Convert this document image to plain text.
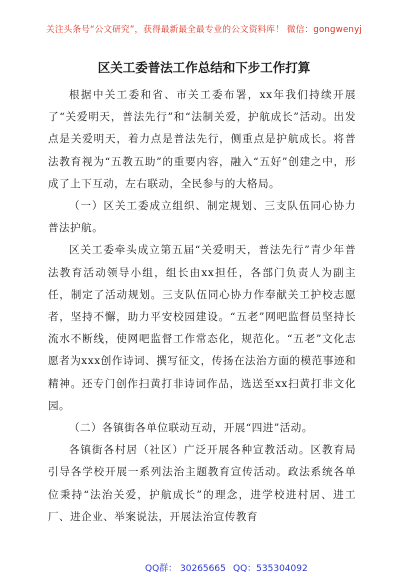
关注头条号“公文研究”，获得最新最全最专业的公文资料库！ 微信：gongwenyj
区关工委普法工作总结和下步工作打算

根据中关工委和省、市关工委布署，xx年我们持续开展了“关爱明天，普法先行”和“法制关爱，护航成长”活动。出发点是关爱明天，着力点是普法先行，侧重点是护航成长。将普法教育视为“五教五助”的重要内容，融入“五好”创建之中，形成了上下互动，左右联动，全民参与的大格局。

（一）区关工委成立组织、制定规划、三支队伍同心协力普法护航。

区关工委牵头成立第五届“关爱明天，普法先行”青少年普法教育活动领导小组，组长由xx担任，各部门负责人为副主任，制定了活动规划。三支队伍同心协力作奉献关工护校志愿者，坚持不懈，助力平安校园建设。“五老”网吧监督员坚持长流水不断线，使网吧监督工作常态化，规范化。“五老”文化志愿者为xxx创作诗词、撰写征文，传扬在法治方面的模范事迹和精神。还专门创作扫黄打非诗词作品，选送至xx扫黄打非文化园。

（二）各镇街各单位联动互动，开展“四进”活动。

各镇街各村居（社区）广泛开展各种宣教活动。区教育局引导各学校开展一系列法治主题教育宣传活动。政法系统各单位秉持“法治关爱，护航成长”的理念，进学校进村居、进工厂、进企业、举案说法，开展法治宣传教育

QQ群： 30265665 QQ：535304092
